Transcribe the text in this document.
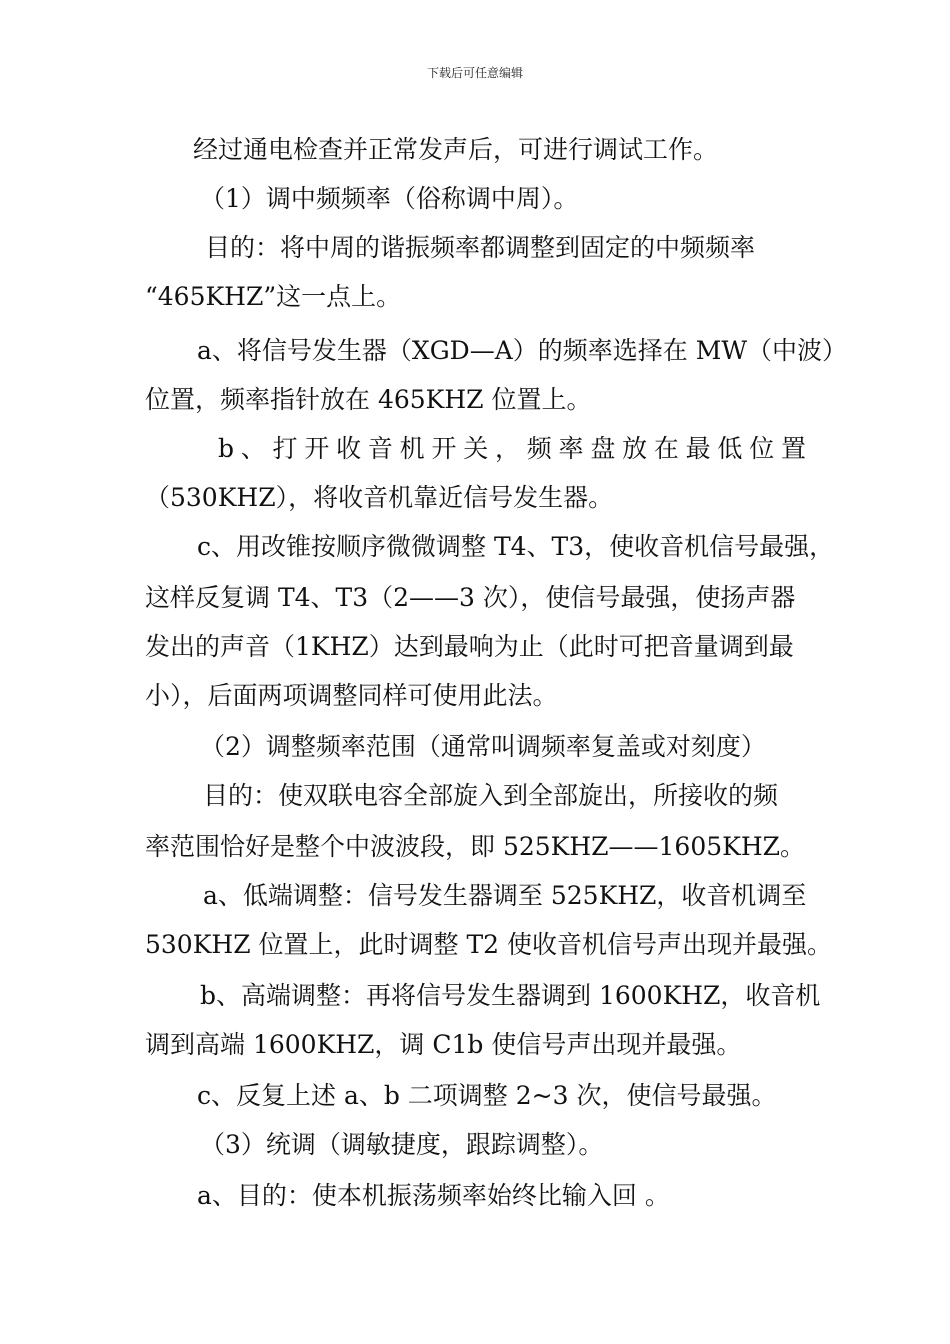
下载后可任意编辑
经过通电检查并正常发声后，可进行调试工作。
（1）调中频频率（俗称调中周）。
目的：将中周的谐振频率都调整到固定的中频频率
“465KHZ”这一点上。
a、将信号发生器（XGD—A）的频率选择在 MW（中波）
位置，频率指针放在 465KHZ 位置上。
b、打开收音机开关，频率盘放在最低位置
（530KHZ），将收音机靠近信号发生器。
c、用改锥按顺序微微调整 T4、T3，使收音机信号最强，
这样反复调 T4、T3（2——3 次），使信号最强，使扬声器
发出的声音（1KHZ）达到最响为止（此时可把音量调到最
小），后面两项调整同样可使用此法。
（2）调整频率范围（通常叫调频率复盖或对刻度）
目的：使双联电容全部旋入到全部旋出，所接收的频
率范围恰好是整个中波波段，即 525KHZ——1605KHZ。
a、低端调整：信号发生器调至 525KHZ，收音机调至
530KHZ 位置上，此时调整 T2 使收音机信号声出现并最强。
b、高端调整：再将信号发生器调到 1600KHZ，收音机
调到高端 1600KHZ，调 C1b 使信号声出现并最强。
c、反复上述 a、b 二项调整 2~3 次，使信号最强。
（3）统调（调敏捷度，跟踪调整）。
a、目的：使本机振荡频率始终比输入回 。
